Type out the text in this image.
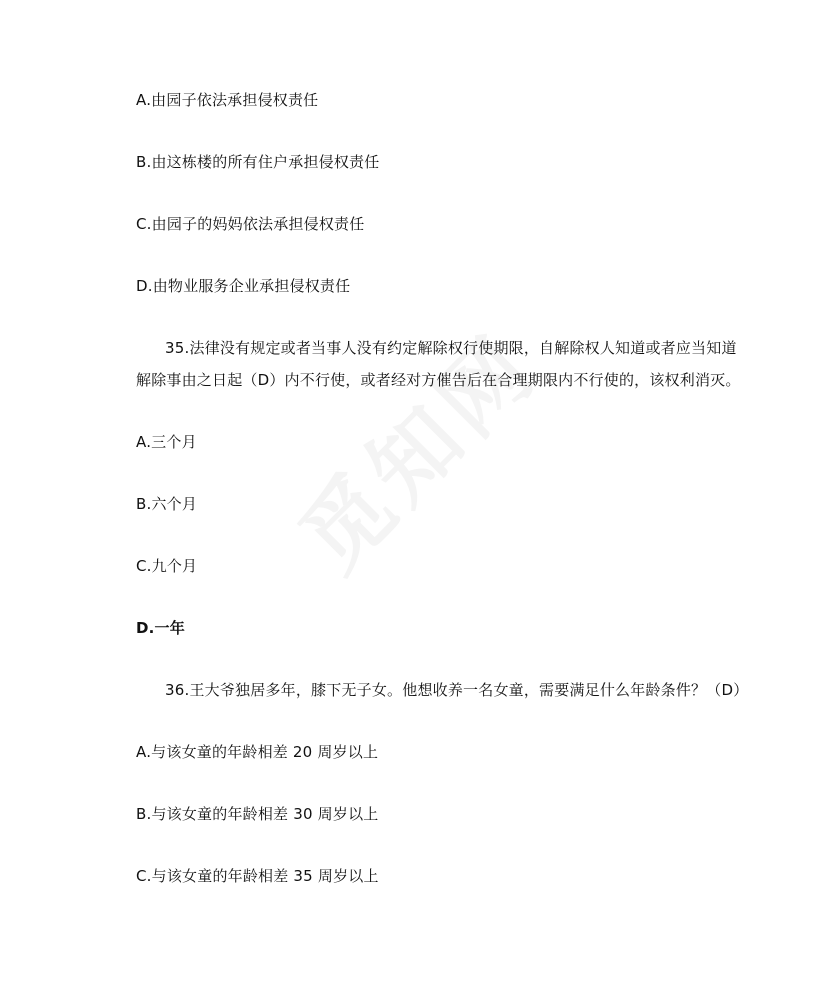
A.由园子依法承担侵权责任
B.由这栋楼的所有住户承担侵权责任
C.由园子的妈妈依法承担侵权责任
D.由物业服务企业承担侵权责任
35.法律没有规定或者当事人没有约定解除权行使期限，自解除权人知道或者应当知道
解除事由之日起（D）内不行使，或者经对方催告后在合理期限内不行使的，该权利消灭。
A.三个月
B.六个月
C.九个月
D.一年
36.王大爷独居多年，膝下无子女。他想收养一名女童，需要满足什么年龄条件？（D）
A.与该女童的年龄相差 20 周岁以上
B.与该女童的年龄相差 30 周岁以上
C.与该女童的年龄相差 35 周岁以上
